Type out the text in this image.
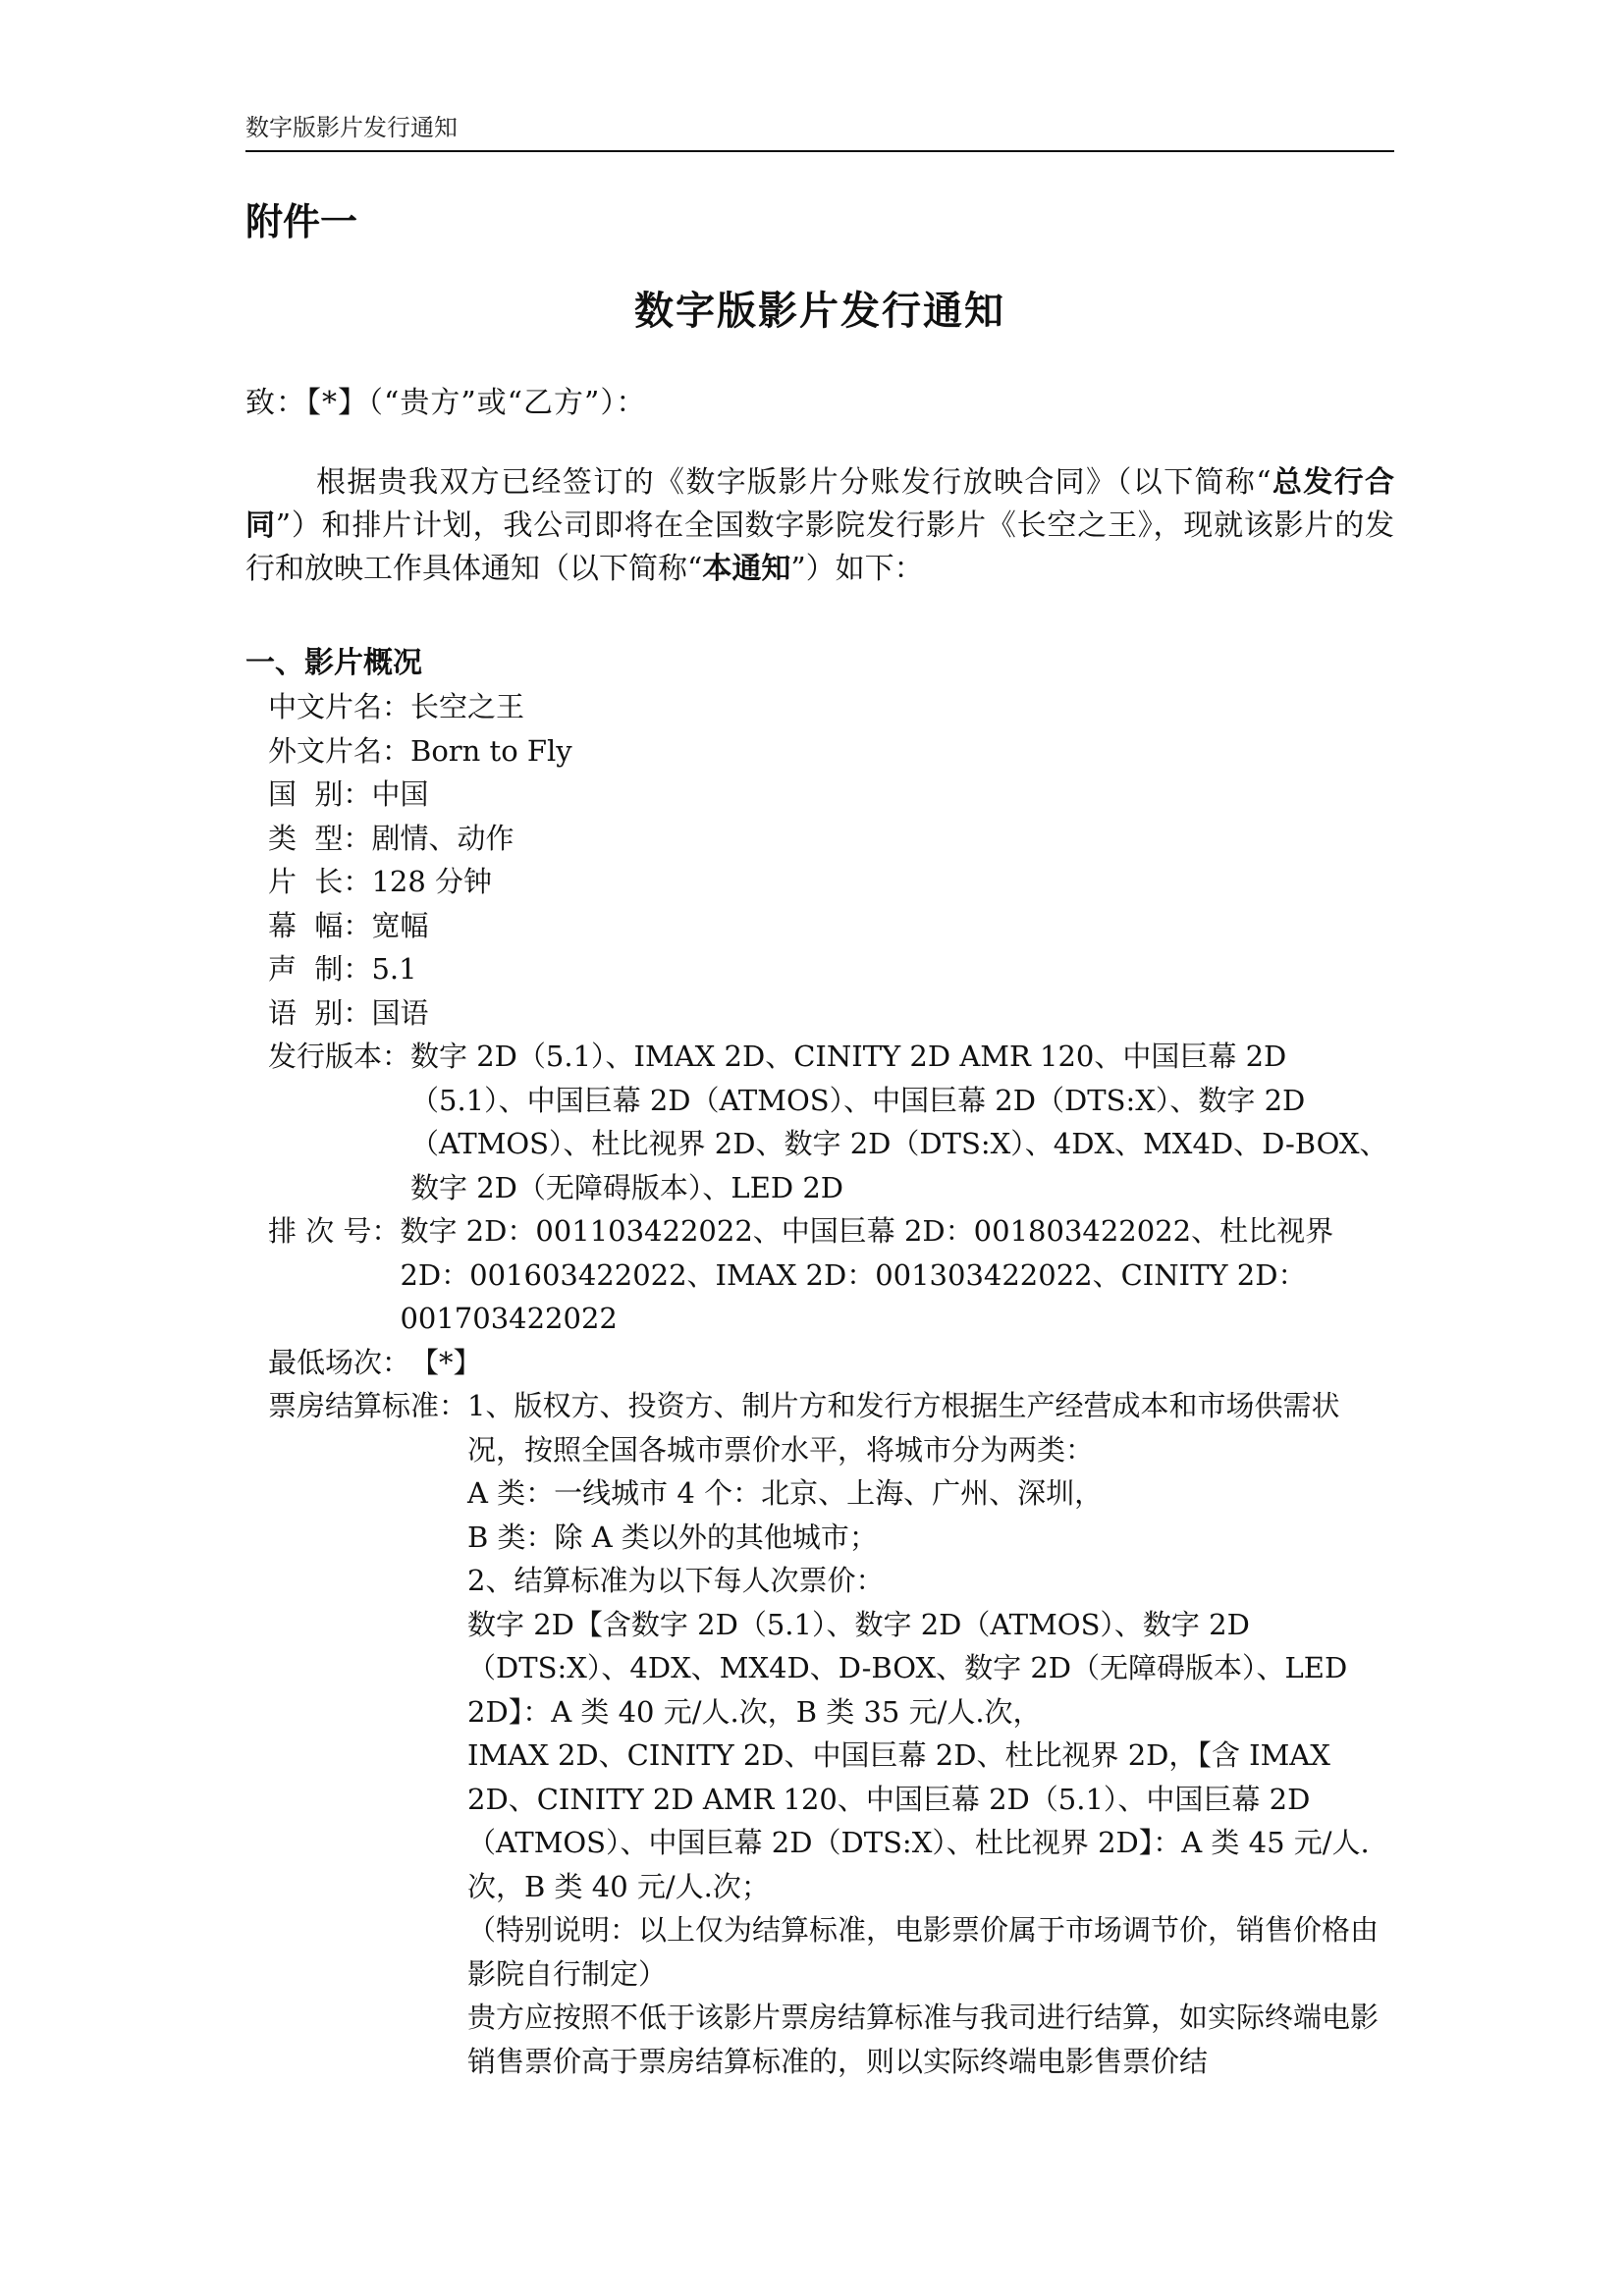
数字版影片发行通知
附件一
数字版影片发行通知
致：【*】（“贵方”或“乙方”）：
根据贵我双方已经签订的《数字版影片分账发行放映合同》（以下简称“总发行合同”）和排片计划，我公司即将在全国数字影院发行影片《长空之王》，现就该影片的发行和放映工作具体通知（以下简称“本通知”）如下：
一、影片概况
中文片名： 长空之王
外文片名： Born to Fly
国  别： 中国
类  型： 剧情、动作
片  长： 128 分钟
幕  幅： 宽幅
声  制： 5.1
语  别： 国语
发行版本： 数字 2D（5.1）、IMAX 2D、CINITY 2D AMR 120、中国巨幕 2D（5.1）、中国巨幕 2D（ATMOS）、中国巨幕 2D（DTS:X）、数字 2D（ATMOS）、杜比视界 2D、数字 2D（DTS:X）、4DX、MX4D、D-BOX、数字 2D（无障碍版本）、LED 2D
排 次 号： 数字 2D：001103422022、中国巨幕 2D：001803422022、杜比视界 2D：001603422022、IMAX 2D：001303422022、CINITY 2D：001703422022
最低场次： 【*】
票房结算标准： 1、版权方、投资方、制片方和发行方根据生产经营成本和市场供需状况，按照全国各城市票价水平，将城市分为两类：
A 类：一线城市 4 个：北京、上海、广州、深圳，
B 类：除 A 类以外的其他城市；
2、结算标准为以下每人次票价：
数字 2D【含数字 2D（5.1）、数字 2D（ATMOS）、数字 2D（DTS:X）、4DX、MX4D、D-BOX、数字 2D（无障碍版本）、LED 2D】：A 类 40 元/人.次，B 类 35 元/人.次，
IMAX 2D、CINITY 2D、中国巨幕 2D、杜比视界 2D，【含 IMAX 2D、CINITY 2D AMR 120、中国巨幕 2D（5.1）、中国巨幕 2D（ATMOS）、中国巨幕 2D（DTS:X）、杜比视界 2D】：A 类 45 元/人.次，B 类 40 元/人.次；
（特别说明：以上仅为结算标准，电影票价属于市场调节价，销售价格由影院自行制定）
贵方应按照不低于该影片票房结算标准与我司进行结算，如实际终端电影销售票价高于票房结算标准的，则以实际终端电影售票价结
